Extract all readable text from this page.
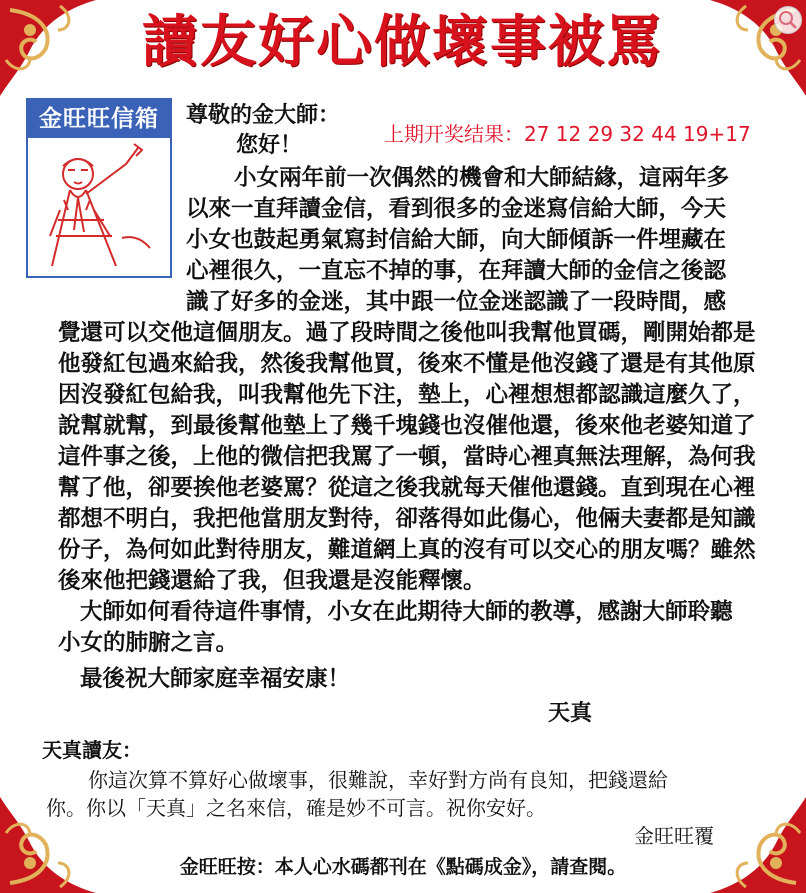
讀友好心做壞事被罵
金旺旺信箱
上期开奖结果：27 12 29 32 44 19+17
尊敬的金大師：
您好！
小女兩年前一次偶然的機會和大師結緣，這兩年多
以來一直拜讀金信，看到很多的金迷寫信給大師，今天
小女也鼓起勇氣寫封信給大師，向大師傾訴一件埋藏在
心裡很久，一直忘不掉的事，在拜讀大師的金信之後認
識了好多的金迷，其中跟一位金迷認識了一段時間，感
覺還可以交他這個朋友。過了段時間之後他叫我幫他買碼，剛開始都是
他發紅包過來給我，然後我幫他買，後來不懂是他沒錢了還是有其他原
因沒發紅包給我，叫我幫他先下注，墊上，心裡想想都認識這麼久了，
說幫就幫，到最後幫他墊上了幾千塊錢也沒催他還，後來他老婆知道了
這件事之後，上他的微信把我罵了一頓，當時心裡真無法理解，為何我
幫了他，卻要挨他老婆罵？從這之後我就每天催他還錢。直到現在心裡
都想不明白，我把他當朋友對待，卻落得如此傷心，他倆夫妻都是知識
份子，為何如此對待朋友，難道網上真的沒有可以交心的朋友嗎？雖然
後來他把錢還給了我，但我還是沒能釋懷。
大師如何看待這件事情，小女在此期待大師的教導，感謝大師聆聽
小女的肺腑之言。
最後祝大師家庭幸福安康！
天真
天真讀友：
你這次算不算好心做壞事，很難說，幸好對方尚有良知，把錢還給
你。你以「天真」之名來信，確是妙不可言。祝你安好。
金旺旺覆
金旺旺按：本人心水碼都刊在《點碼成金》，請查閱。
